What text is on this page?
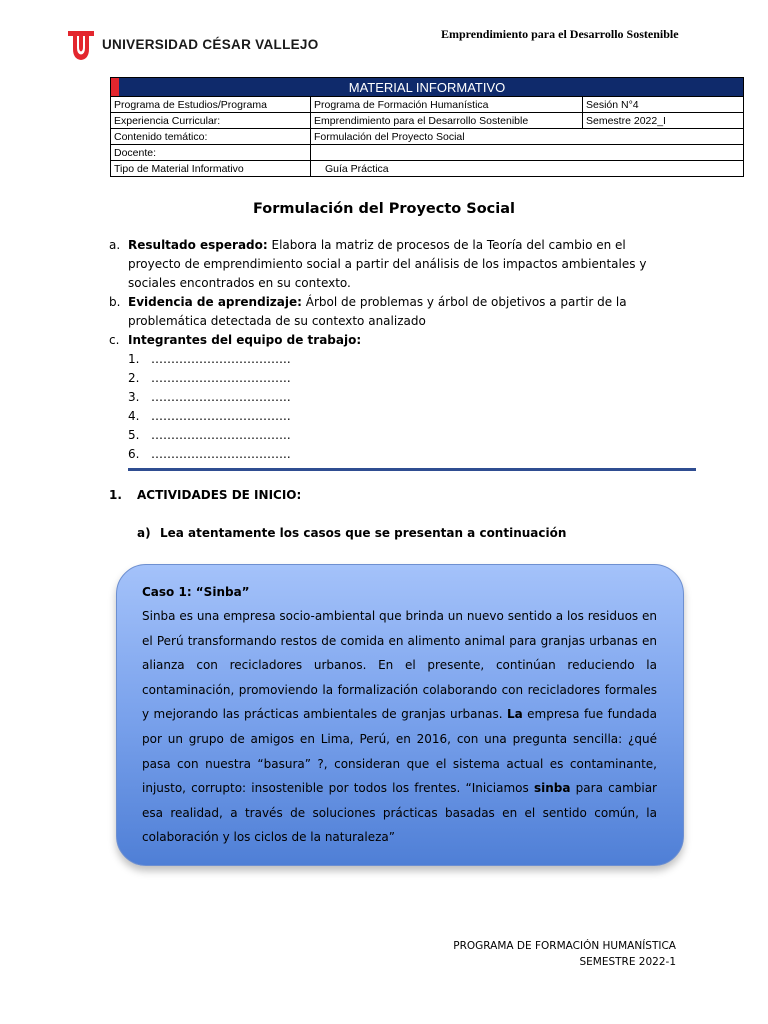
UNIVERSIDAD CÉSAR VALLEJO
Emprendimiento para el Desarrollo Sostenible
MATERIAL INFORMATIVO		
Programa de Estudios/Programa	Programa de Formación Humanística	Sesión N°4
Experiencia Curricular:	Emprendimiento para el Desarrollo Sostenible	Semestre 2022_I
Contenido temático:	Formulación del Proyecto Social	
Docente:		
Tipo de Material Informativo	Guía Práctica	
Formulación del Proyecto Social
a. Resultado esperado: Elabora la matriz de procesos de la Teoría del cambio en el proyecto de emprendimiento social a partir del análisis de los impactos ambientales y sociales encontrados en su contexto.
b. Evidencia de aprendizaje: Árbol de problemas y árbol de objetivos a partir de la problemática detectada de su contexto analizado
c. Integrantes del equipo de trabajo:
1. ……………………………..
2. ……………………………..
3. ……………………………..
4. ……………………………..
5. ……………………………..
6. ……………………………..
1.	ACTIVIDADES DE INICIO:
a) Lea atentamente los casos que se presentan a continuación
Caso 1: “Sinba”
Sinba es una empresa socio-ambiental que brinda un nuevo sentido a los residuos en el Perú transformando restos de comida en alimento animal para granjas urbanas en alianza con recicladores urbanos. En el presente, continúan reduciendo la contaminación, promoviendo la formalización colaborando con recicladores formales y mejorando las prácticas ambientales de granjas urbanas. La empresa fue fundada por un grupo de amigos en Lima, Perú, en 2016, con una pregunta sencilla: ¿qué pasa con nuestra “basura” ?, consideran que el sistema actual es contaminante, injusto, corrupto: insostenible por todos los frentes. “Iniciamos sinba para cambiar esa realidad, a través de soluciones prácticas basadas en el sentido común, la colaboración y los ciclos de la naturaleza”
PROGRAMA DE FORMACIÓN HUMANÍSTICA
SEMESTRE 2022-1
